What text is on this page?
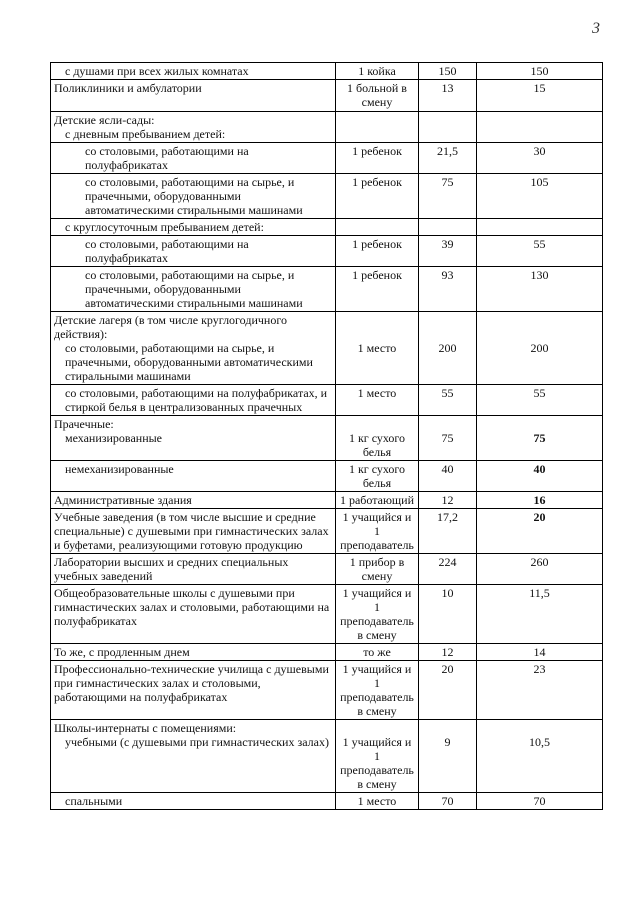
3
с душами при всех жилых комнатах	1 койка	150	150
Поликлиники и амбулатории	1 больной в смену	13	15

Детские ясли-сады:
с дневным пребыванием детей:			

со столовыми, работающими на полуфабрикатах	1 ребенок	21,5	30
со столовыми, работающими на сырье, и прачечными, оборудованными автоматическими стиральными машинами	1 ребенок	75	105
с круглосуточным пребыванием детей:			
со столовыми, работающими на полуфабрикатах	1 ребенок	39	55
со столовыми, работающими на сырье, и прачечными, оборудованными автоматическими стиральными машинами	1 ребенок	93	130

Детские лагеря (в том числе круглогодичного действия):
со столовыми, работающими на сырье, и прачечными, оборудованными автоматическими стиральными машинами	1 место	200	200
со столовыми, работающими на полуфабрикатах, и стиркой белья в централизованных прачечных	1 место	55	55

Прачечные:
механизированные	1 кг сухого белья	75	75
немеханизированные	1 кг сухого белья	40	40
Административные здания	1 работающий	12	16
Учебные заведения (в том числе высшие и средние специальные) с душевыми при гимнастических залах и буфетами, реализующими готовую продукцию	1 учащийся и 1 преподаватель	17,2	20
Лаборатории высших и средних специальных учебных заведений	1 прибор в смену	224	260
Общеобразовательные школы с душевыми при гимнастических залах и столовыми, работающими на полуфабрикатах	1 учащийся и 1 преподаватель в смену	10	11,5
То же, с продленным днем	то же	12	14
Профессионально-технические училища с душевыми при гимнастических залах и столовыми, работающими на полуфабрикатах	1 учащийся и 1 преподаватель в смену	20	23

Школы-интернаты с помещениями:
учебными (с душевыми при гимнастических залах)	1 учащийся и 1 преподаватель в смену	9	10,5
спальными	1 место	70	70
